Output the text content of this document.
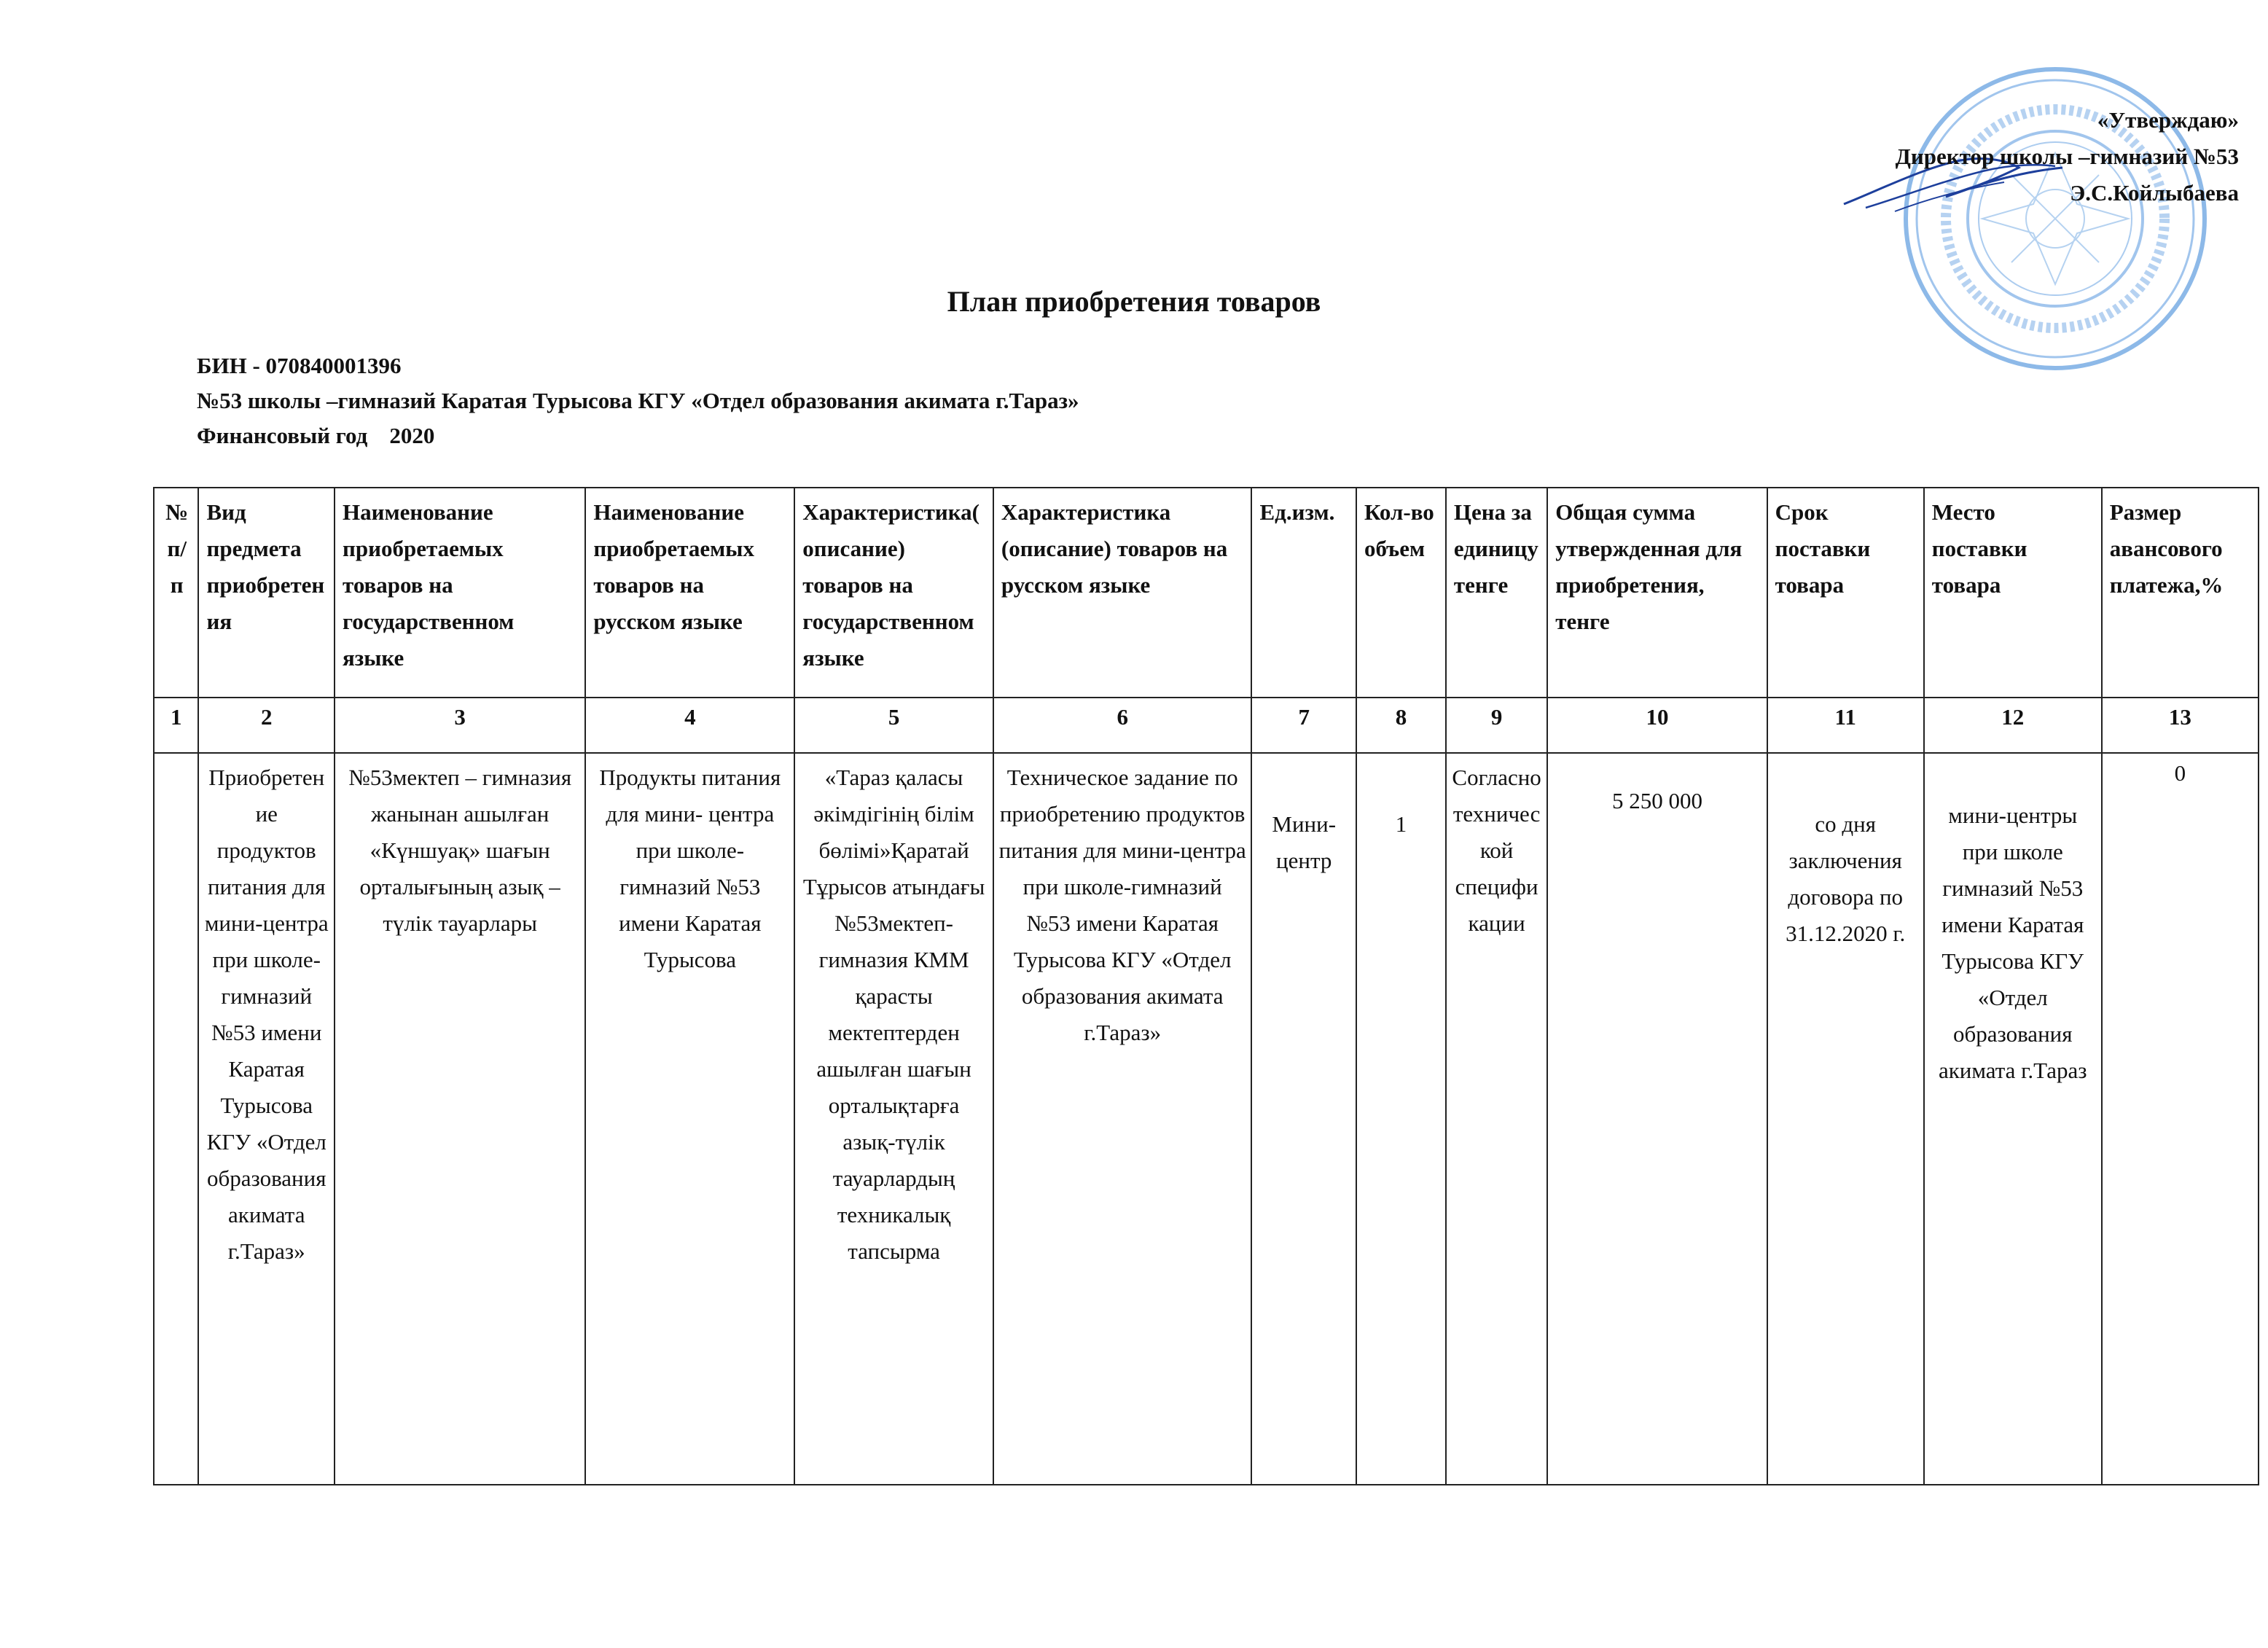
«Утверждаю»
Директор школы –гимназий №53
Э.С.Койлыбаева
План приобретения товаров
БИН - 070840001396
№53 школы –гимназий Каратая Турысова КГУ «Отдел образования акимата г.Тараз»
Финансовый год 2020
№ п/п	Вид предмета приобретения	Наименование приобретаемых товаров на государственном языке	Наименование приобретаемых товаров на русском языке	Характеристика(описание) товаров на государственном языке	Характеристика (описание) товаров на русском языке	Ед.изм.	Кол-во объем	Цена за единицу тенге	Общая сумма утвержденная для приобретения, тенге	Срок поставки товара	Место поставки товара	Размер авансового платежа,%
1	2	3	4	5	6	7	8	9	10	11	12	13
	Приобретение продуктов питания для мини-центра при школе-гимназий №53 имени Каратая Турысова КГУ «Отдел образования акимата г.Тараз»	№53мектеп – гимназия жанынан ашылған «Күншуақ» шағын орталығының азық –түлік тауарлары	Продукты питания для мини- центра при школе-гимназий №53 имени Каратая Турысова	«Тараз қаласы әкімдігінің білім бөлімі»Қаратай Тұрысов атындағы №53мектеп-гимназия КММ қарасты мектептерден ашылған шағын орталықтарға азық-түлік тауарлардың техникалық тапсырма	Техническое задание по приобретению продуктов питания для мини-центра при школе-гимназий №53 имени Каратая Турысова КГУ «Отдел образования акимата г.Тараз»	Мини-центр	1	Согласно технической спецификации	5 250 000	со дня заключения договора по 31.12.2020 г.	мини-центры при школе гимназий №53 имени Каратая Турысова КГУ «Отдел образования акимата г.Тараз	0
